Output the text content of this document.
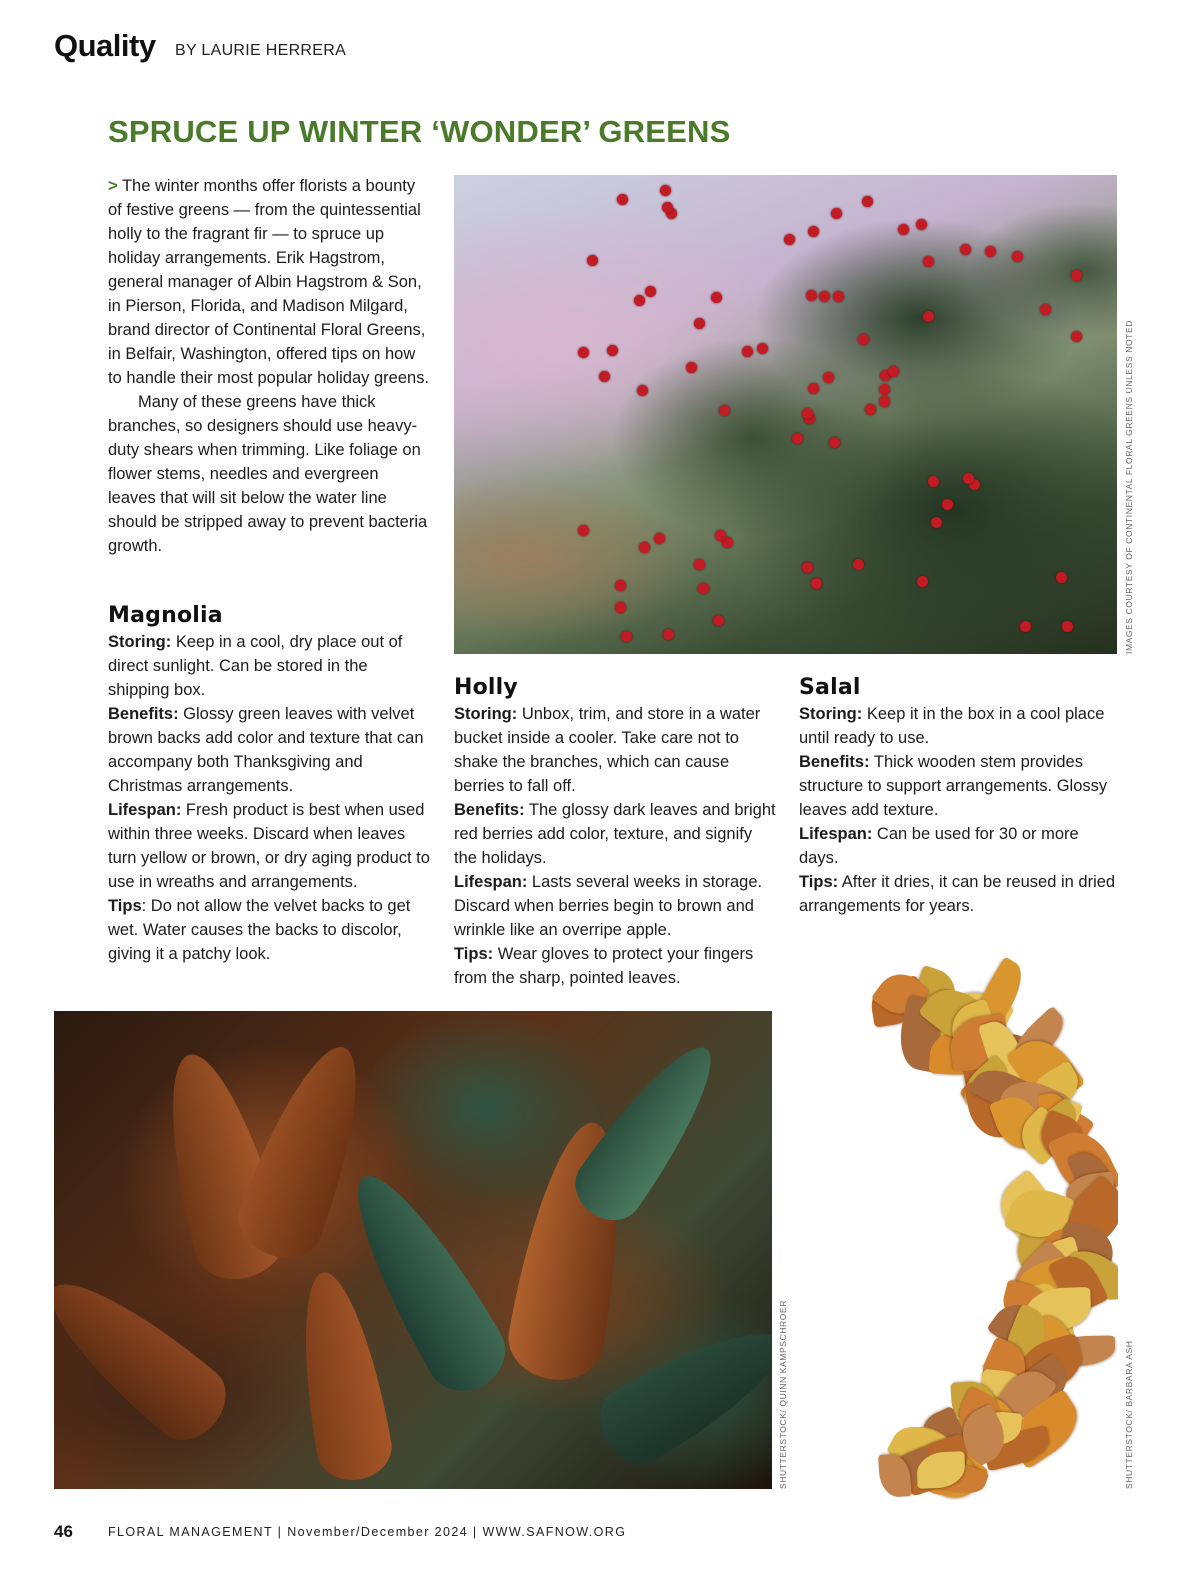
Quality BY LAURIE HERRERA
SPRUCE UP WINTER ‘WONDER’ GREENS

> The winter months offer florists a bounty of festive greens — from the quintessential holly to the fragrant fir — to spruce up holiday arrangements. Erik Hagstrom, general manager of Albin Hagstrom & Son, in Pierson, Florida, and Madison Milgard, brand director of Continental Floral Greens, in Belfair, Washington, offered tips on how to handle their most popular holiday greens.

Many of these greens have thick branches, so designers should use heavy-duty shears when trimming. Like foliage on flower stems, needles and evergreen leaves that will sit below the water line should be stripped away to prevent bacteria growth.	IMAGES COURTESY OF CONTINENTAL FLORAL GREENS UNLESS NOTED
Magnolia

Storing: Keep in a cool, dry place out of direct sunlight. Can be stored in the shipping box.

Benefits: Glossy green leaves with velvet brown backs add color and texture that can accompany both Thanksgiving and Christmas arrangements.

Lifespan: Fresh product is best when used within three weeks. Discard when leaves turn yellow or brown, or dry aging product to use in wreaths and arrangements.

Tips: Do not allow the velvet backs to get wet. Water causes the backs to discolor, giving it a patchy look.

Holly

Storing: Unbox, trim, and store in a water bucket inside a cooler. Take care not to shake the branches, which can cause berries to fall off.

Benefits: The glossy dark leaves and bright red berries add color, texture, and signify the holidays.

Lifespan: Lasts several weeks in storage. Discard when berries begin to brown and wrinkle like an overripe apple.

Tips: Wear gloves to protect your fingers from the sharp, pointed leaves.

Salal

Storing: Keep it in the box in a cool place until ready to use.

Benefits: Thick wooden stem provides structure to support arrangements. Glossy leaves add texture.

Lifespan: Can be used for 30 or more days.

Tips: After it dries, it can be reused in dried arrangements for years.

SHUTTERSTOCK/ QUINN KAMPSCHROER	SHUTTERSTOCK/ BARBARA ASH
46	FLORAL MANAGEMENT | November/December 2024 | WWW.SAFNOW.ORG
